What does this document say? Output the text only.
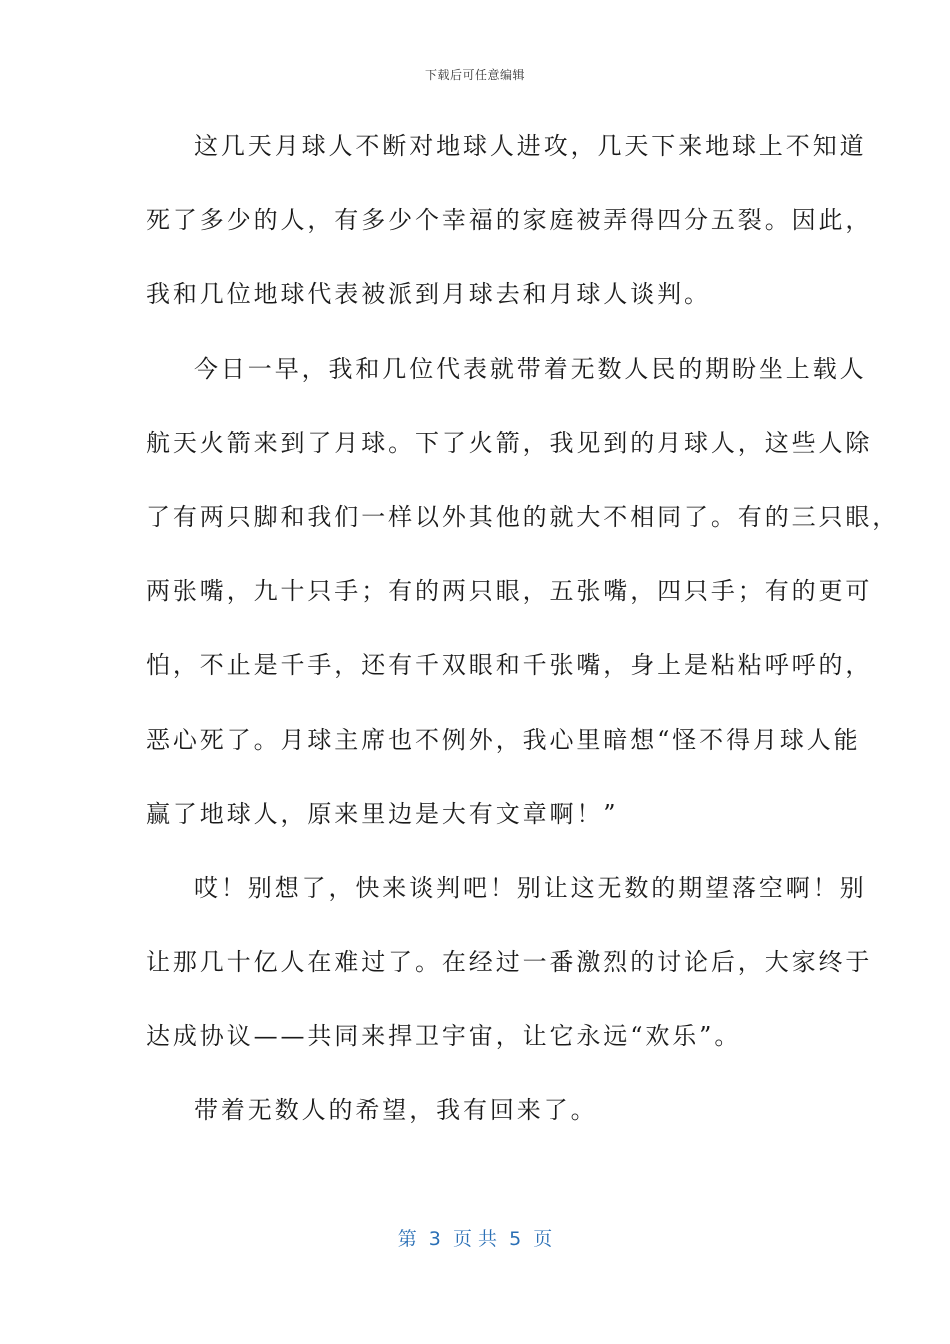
下载后可任意编辑
这几天月球人不断对地球人进攻，几天下来地球上不知道
死了多少的人，有多少个幸福的家庭被弄得四分五裂。因此，
我和几位地球代表被派到月球去和月球人谈判。
今日一早，我和几位代表就带着无数人民的期盼坐上载人
航天火箭来到了月球。下了火箭，我见到的月球人，这些人除
了有两只脚和我们一样以外其他的就大不相同了。有的三只眼，
两张嘴，九十只手；有的两只眼，五张嘴，四只手；有的更可
怕，不止是千手，还有千双眼和千张嘴，身上是粘粘呼呼的，
恶心死了。月球主席也不例外，我心里暗想“怪不得月球人能
赢了地球人，原来里边是大有文章啊！”
哎！别想了，快来谈判吧！别让这无数的期望落空啊！别
让那几十亿人在难过了。在经过一番激烈的讨论后，大家终于
达成协议——共同来捍卫宇宙，让它永远“欢乐”。
带着无数人的希望，我有回来了。
第  3  页 共  5  页
